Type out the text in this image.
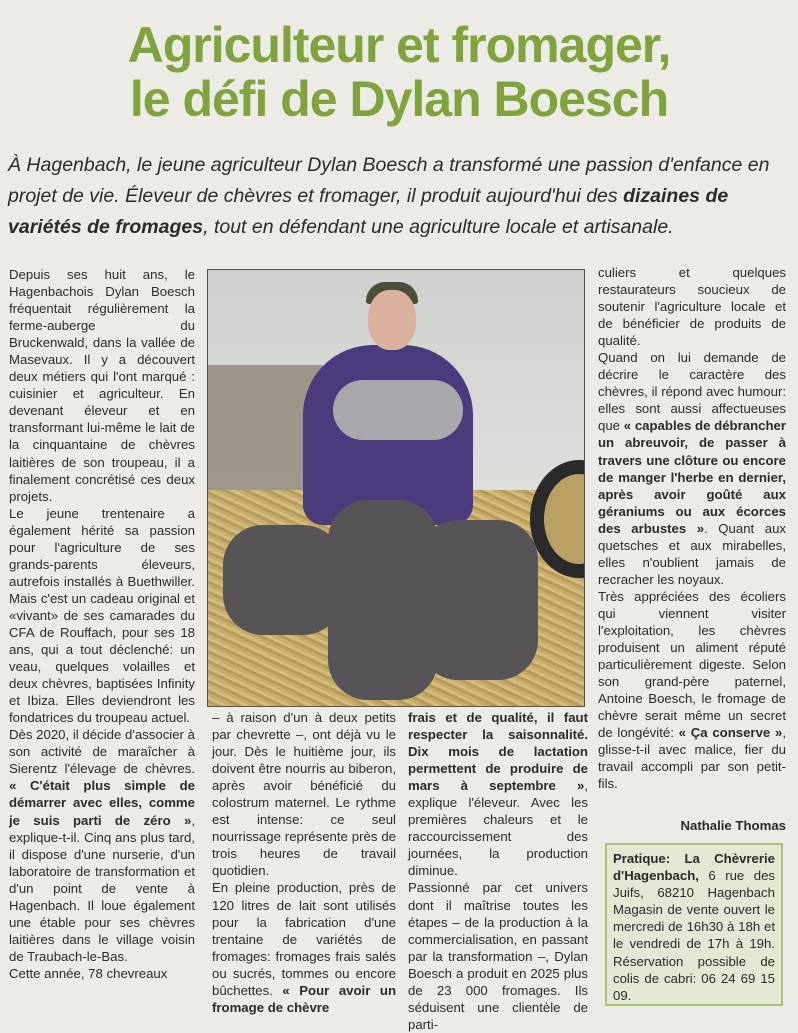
Agriculteur et fromager,
le défi de Dylan Boesch
À Hagenbach, le jeune agriculteur Dylan Boesch a transformé une passion d'enfance en projet de vie. Éleveur de chèvres et fromager, il produit aujourd'hui des dizaines de variétés de fromages, tout en défendant une agriculture locale et artisanale.

Depuis ses huit ans, le Hagenbachois Dylan Boesch fréquentait régulièrement la ferme-auberge du Bruckenwald, dans la vallée de Masevaux. Il y a découvert deux métiers qui l'ont marqué : cuisinier et agriculteur. En devenant éleveur et en transformant lui-même le lait de la cinquantaine de chèvres laitières de son troupeau, il a finalement concrétisé ces deux projets.

Le jeune trentenaire a également hérité sa passion pour l'agriculture de ses grands-parents éleveurs, autrefois installés à Buethwiller. Mais c'est un cadeau original et «vivant» de ses camarades du CFA de Rouffach, pour ses 18 ans, qui a tout déclenché: un veau, quelques volailles et deux chèvres, baptisées Infinity et Ibiza. Elles deviendront les fondatrices du troupeau actuel.

Dès 2020, il décide d'associer à son activité de maraîcher à Sierentz l'élevage de chèvres. « C'était plus simple de démarrer avec elles, comme je suis parti de zéro », explique-t-il. Cinq ans plus tard, il dispose d'une nurserie, d'un laboratoire de transformation et d'un point de vente à Hagenbach. Il loue également une étable pour ses chèvres laitières dans le village voisin de Traubach-le-Bas.

Cette année, 78 chevreaux

– à raison d'un à deux petits par chevrette –, ont déjà vu le jour. Dès le huitième jour, ils doivent être nourris au biberon, après avoir bénéficié du colostrum maternel. Le rythme est intense: ce seul nourrissage représente près de trois heures de travail quotidien.

En pleine production, près de 120 litres de lait sont utilisés pour la fabrication d'une trentaine de variétés de fromages: fromages frais salés ou sucrés, tommes ou encore bûchettes. « Pour avoir un fromage de chèvre

frais et de qualité, il faut respecter la saisonnalité. Dix mois de lactation permettent de produire de mars à septembre », explique l'éleveur. Avec les premières chaleurs et le raccourcissement des journées, la production diminue.

Passionné par cet univers dont il maîtrise toutes les étapes – de la production à la commercialisation, en passant par la transformation –, Dylan Boesch a produit en 2025 plus de 23 000 fromages. Ils séduisent une clientèle de parti-

culiers et quelques restaurateurs soucieux de soutenir l'agriculture locale et de bénéficier de produits de qualité.

Quand on lui demande de décrire le caractère des chèvres, il répond avec humour: elles sont aussi affectueuses que « capables de débrancher un abreuvoir, de passer à travers une clôture ou encore de manger l'herbe en dernier, après avoir goûté aux géraniums ou aux écorces des arbustes ». Quant aux quetsches et aux mirabelles, elles n'oublient jamais de recracher les noyaux.

Très appréciées des écoliers qui viennent visiter l'exploitation, les chèvres produisent un aliment réputé particulièrement digeste. Selon son grand-père paternel, Antoine Boesch, le fromage de chèvre serait même un secret de longévité: « Ça conserve », glisse-t-il avec malice, fier du travail accompli par son petit-fils.

Nathalie Thomas
Pratique: La Chèvrerie d'Hagenbach, 6 rue des Juifs, 68210 Hagenbach Magasin de vente ouvert le mercredi de 16h30 à 18h et le vendredi de 17h à 19h. Réservation possible de colis de cabri: 06 24 69 15 09.
